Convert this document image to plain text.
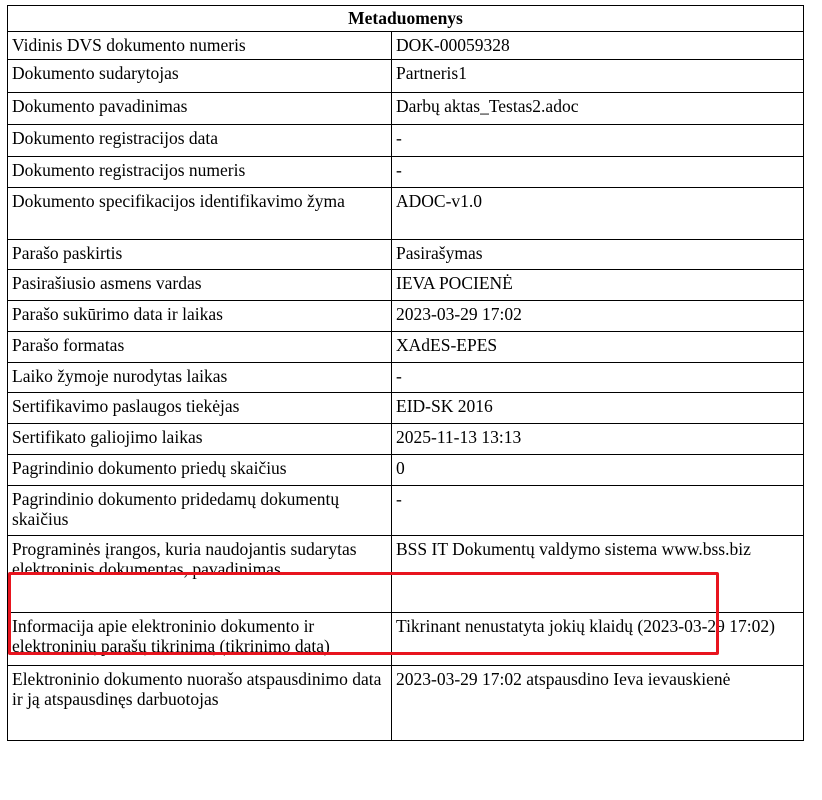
Metaduomenys	
Vidinis DVS dokumento numeris	DOK-00059328
Dokumento sudarytojas	Partneris1
Dokumento pavadinimas	Darbų aktas_Testas2.adoc
Dokumento registracijos data	-
Dokumento registracijos numeris	-
Dokumento specifikacijos identifikavimo žyma	ADOC-v1.0
Parašo paskirtis	Pasirašymas
Pasirašiusio asmens vardas	IEVA POCIENĖ
Parašo sukūrimo data ir laikas	2023-03-29 17:02
Parašo formatas	XAdES-EPES
Laiko žymoje nurodytas laikas	-
Sertifikavimo paslaugos tiekėjas	EID-SK 2016
Sertifikato galiojimo laikas	2025-11-13 13:13
Pagrindinio dokumento priedų skaičius	0
Pagrindinio dokumento pridedamų dokumentų skaičius	-
Programinės įrangos, kuria naudojantis sudarytas elektroninis dokumentas, pavadinimas	BSS IT Dokumentų valdymo sistema www.bss.biz
Informacija apie elektroninio dokumento ir elektroninių parašų tikrinimą (tikrinimo data)	Tikrinant nenustatyta jokių klaidų (2023-03-29 17:02)
Elektroninio dokumento nuorašo atspausdinimo data ir ją atspausdinęs darbuotojas	2023-03-29 17:02 atspausdino Ieva ievauskienė
